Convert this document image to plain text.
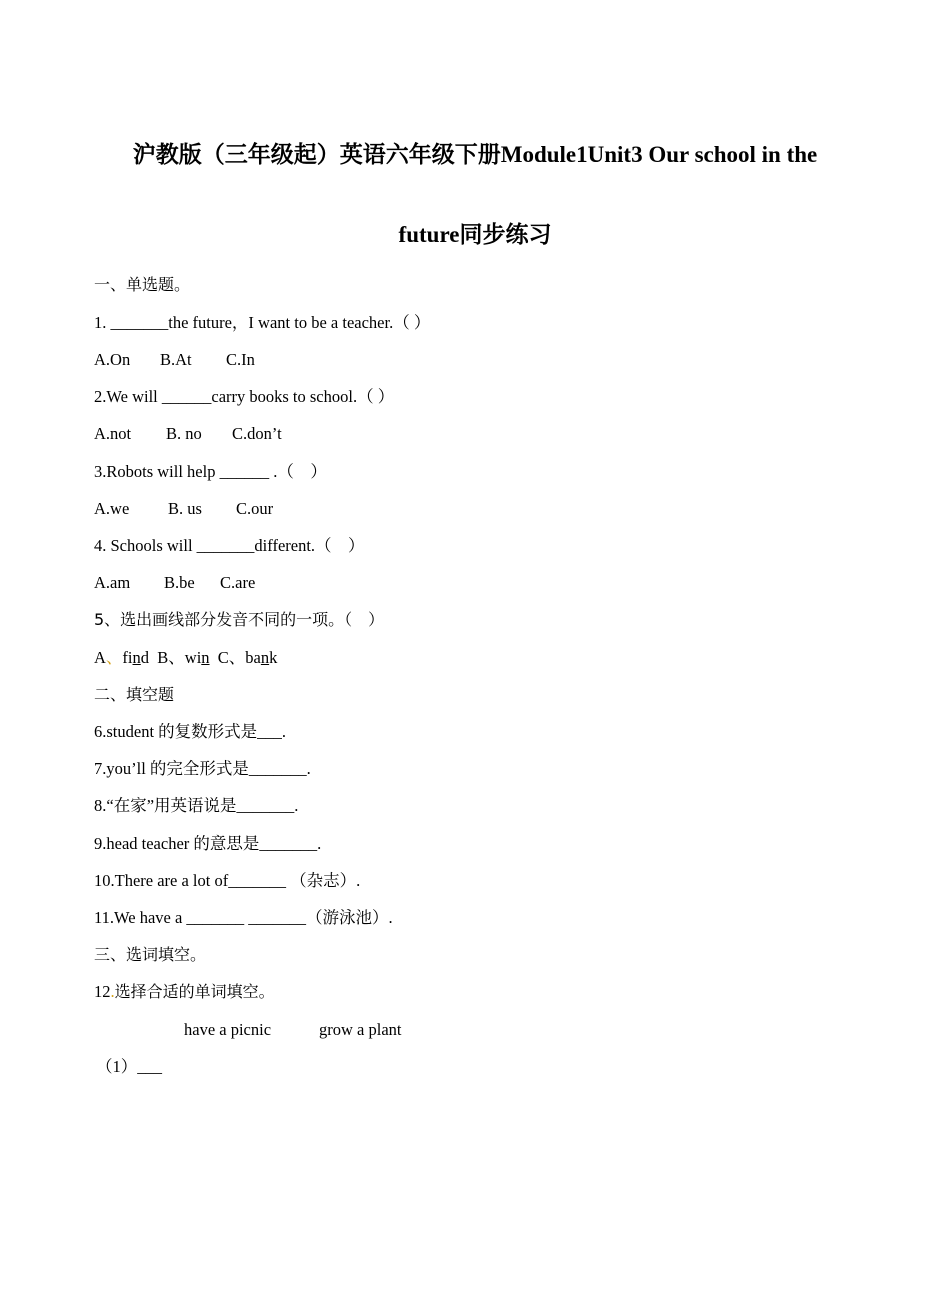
沪教版（三年级起）英语六年级下册Module1Unit3 Our school in the
future同步练习
一、单选题。
1. _______the future，I want to be a teacher.（ ）
A.On B.At C.In
2.We will ______carry books to school.（ ）
A.not B. no C.don’t
3.Robots will help ______ .（　）
A.we B. us C.our
4. Schools will _______different.（　）
A.am B.be C.are
5、选出画线部分发音不同的一项。（　）
A、find B、win C、bank
二、填空题
6.student 的复数形式是___.
7.you’ll 的完全形式是_______.
8.“在家”用英语说是_______.
9.head teacher 的意思是_______.
10.There are a lot of_______ （杂志）.
11.We have a _______ _______（游泳池）.
三、选词填空。
12.选择合适的单词填空。
have a picnic	grow a plant
（1）___
